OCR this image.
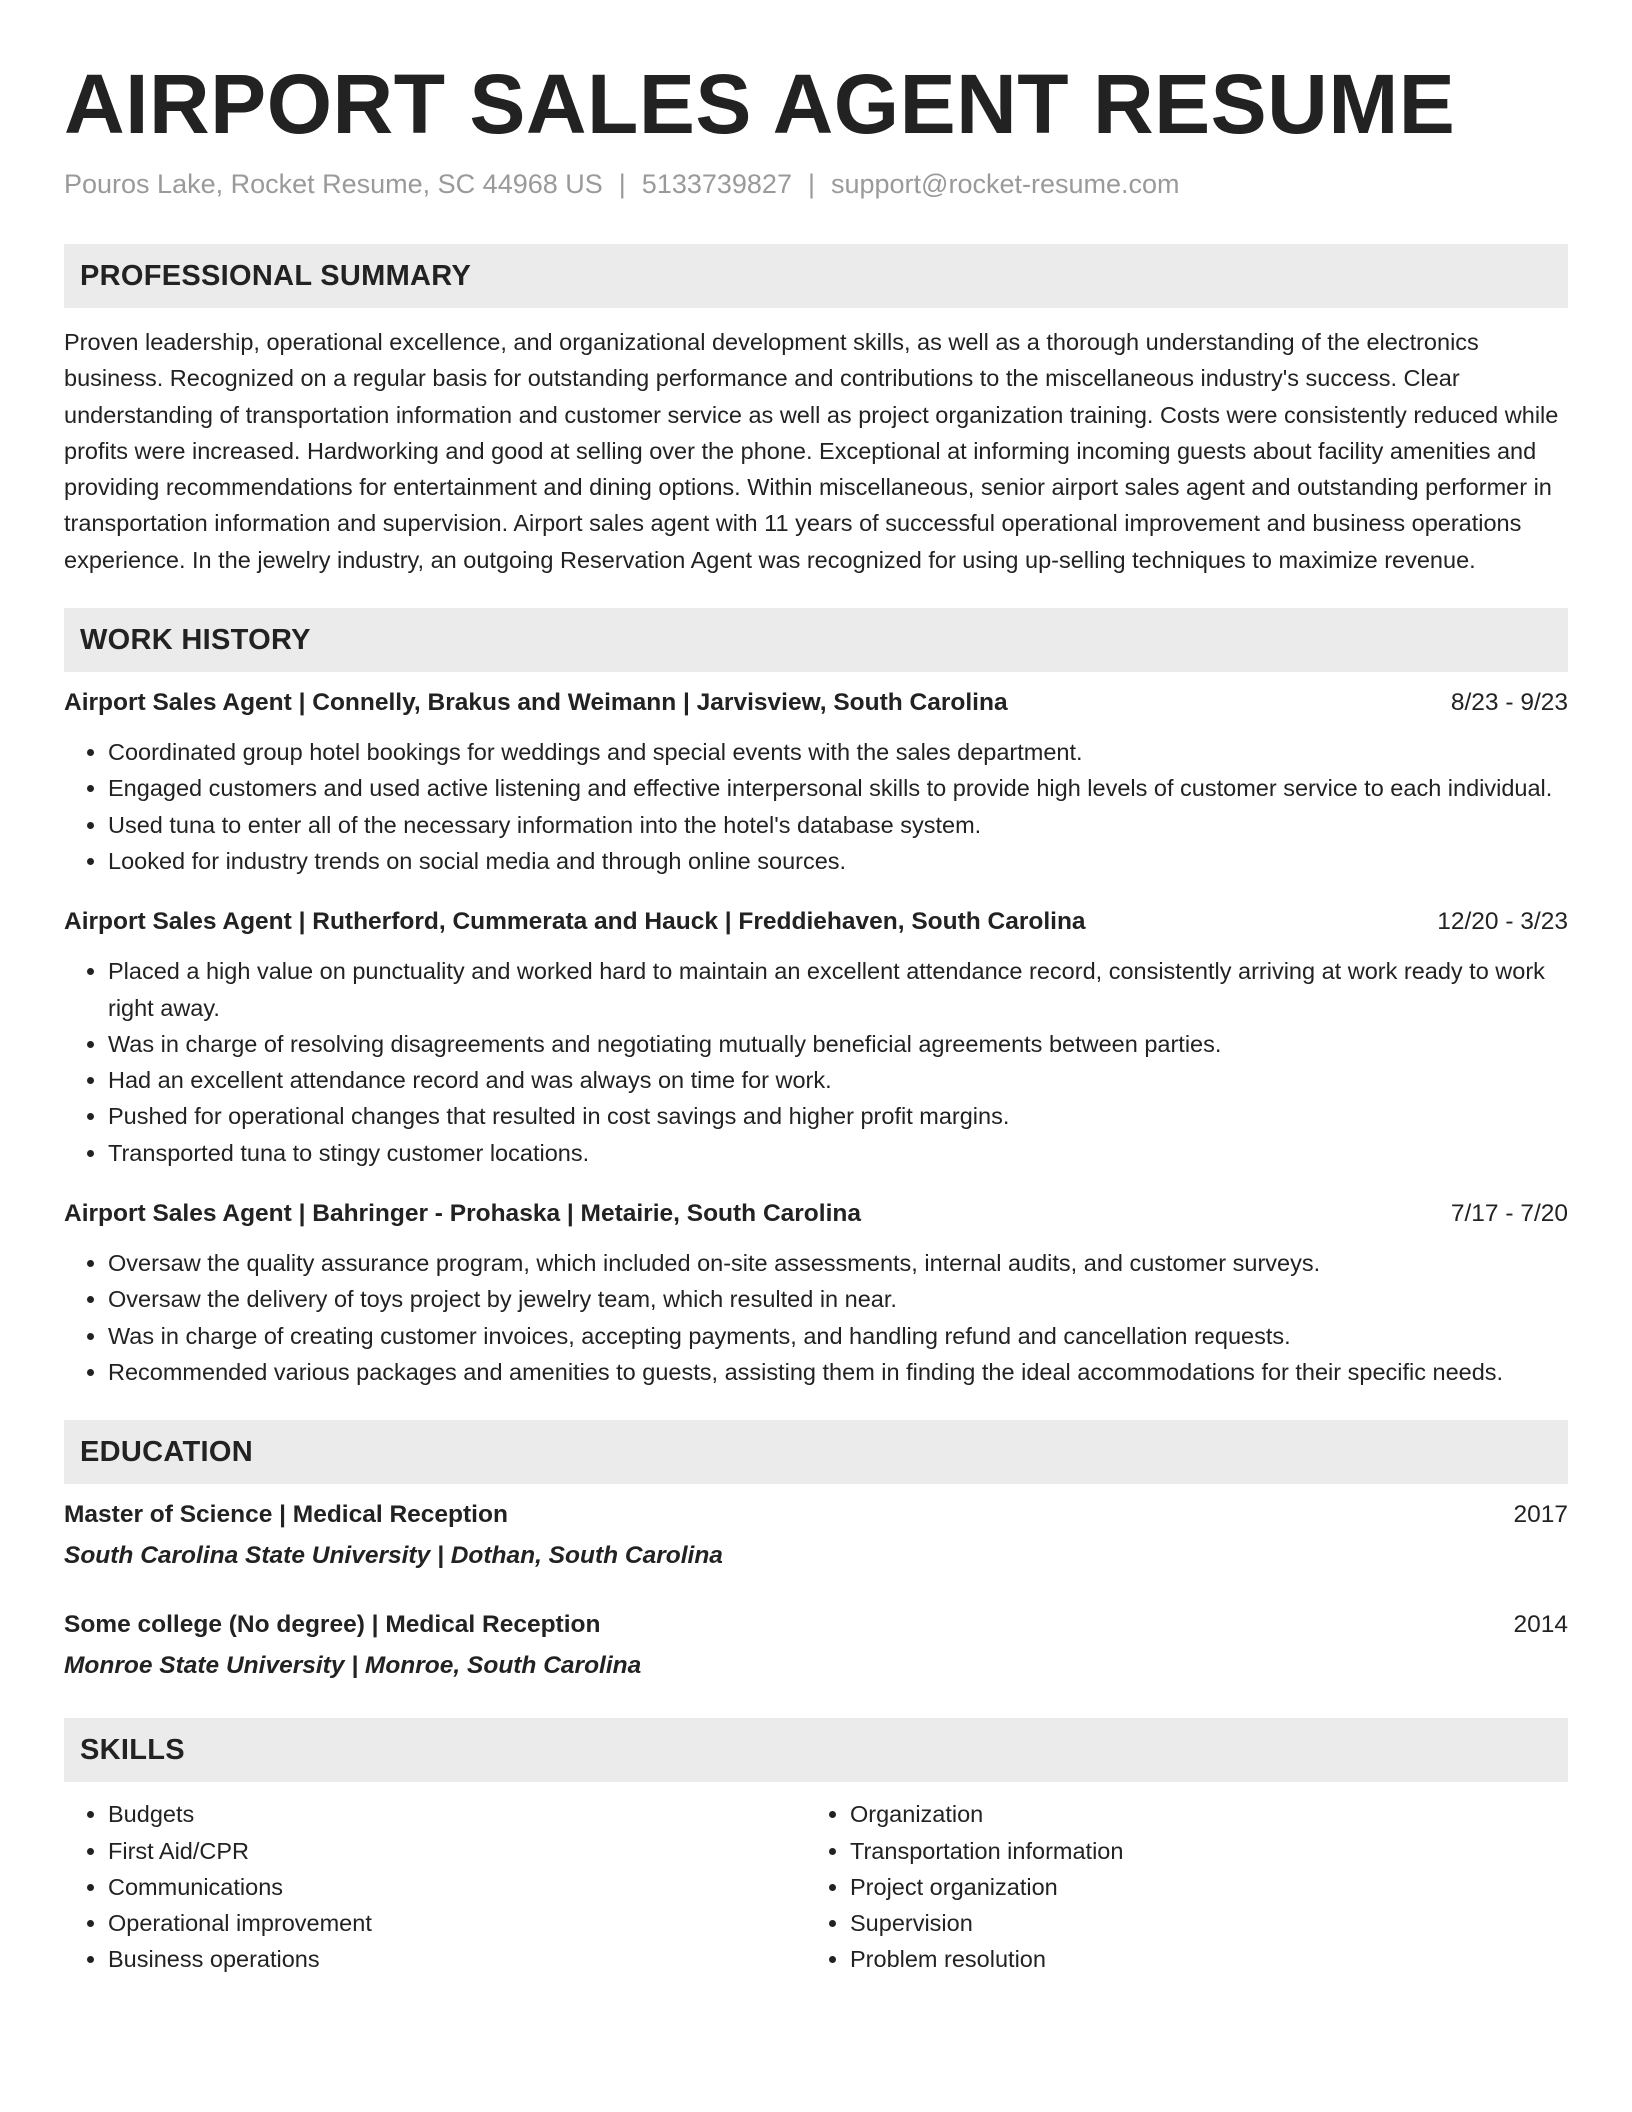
AIRPORT SALES AGENT RESUME
Pouros Lake, Rocket Resume, SC 44968 US | 5133739827 | support@rocket-resume.com
PROFESSIONAL SUMMARY
Proven leadership, operational excellence, and organizational development skills, as well as a thorough understanding of the electronics business. Recognized on a regular basis for outstanding performance and contributions to the miscellaneous industry's success. Clear understanding of transportation information and customer service as well as project organization training. Costs were consistently reduced while profits were increased. Hardworking and good at selling over the phone. Exceptional at informing incoming guests about facility amenities and providing recommendations for entertainment and dining options. Within miscellaneous, senior airport sales agent and outstanding performer in transportation information and supervision. Airport sales agent with 11 years of successful operational improvement and business operations experience. In the jewelry industry, an outgoing Reservation Agent was recognized for using up-selling techniques to maximize revenue.
WORK HISTORY
Airport Sales Agent | Connelly, Brakus and Weimann | Jarvisview, South Carolina	8/23 - 9/23
• Coordinated group hotel bookings for weddings and special events with the sales department.
• Engaged customers and used active listening and effective interpersonal skills to provide high levels of customer service to each individual.
• Used tuna to enter all of the necessary information into the hotel's database system.
• Looked for industry trends on social media and through online sources.
Airport Sales Agent | Rutherford, Cummerata and Hauck | Freddiehaven, South Carolina	12/20 - 3/23
• Placed a high value on punctuality and worked hard to maintain an excellent attendance record, consistently arriving at work ready to work right away.
• Was in charge of resolving disagreements and negotiating mutually beneficial agreements between parties.
• Had an excellent attendance record and was always on time for work.
• Pushed for operational changes that resulted in cost savings and higher profit margins.
• Transported tuna to stingy customer locations.
Airport Sales Agent | Bahringer - Prohaska | Metairie, South Carolina	7/17 - 7/20
• Oversaw the quality assurance program, which included on-site assessments, internal audits, and customer surveys.
• Oversaw the delivery of toys project by jewelry team, which resulted in near.
• Was in charge of creating customer invoices, accepting payments, and handling refund and cancellation requests.
• Recommended various packages and amenities to guests, assisting them in finding the ideal accommodations for their specific needs.
EDUCATION
Master of Science | Medical Reception	2017
South Carolina State University | Dothan, South Carolina
Some college (No degree) | Medical Reception	2014
Monroe State University | Monroe, South Carolina
SKILLS
• Budgets
• First Aid/CPR
• Communications
• Operational improvement
• Business operations
• Organization
• Transportation information
• Project organization
• Supervision
• Problem resolution
